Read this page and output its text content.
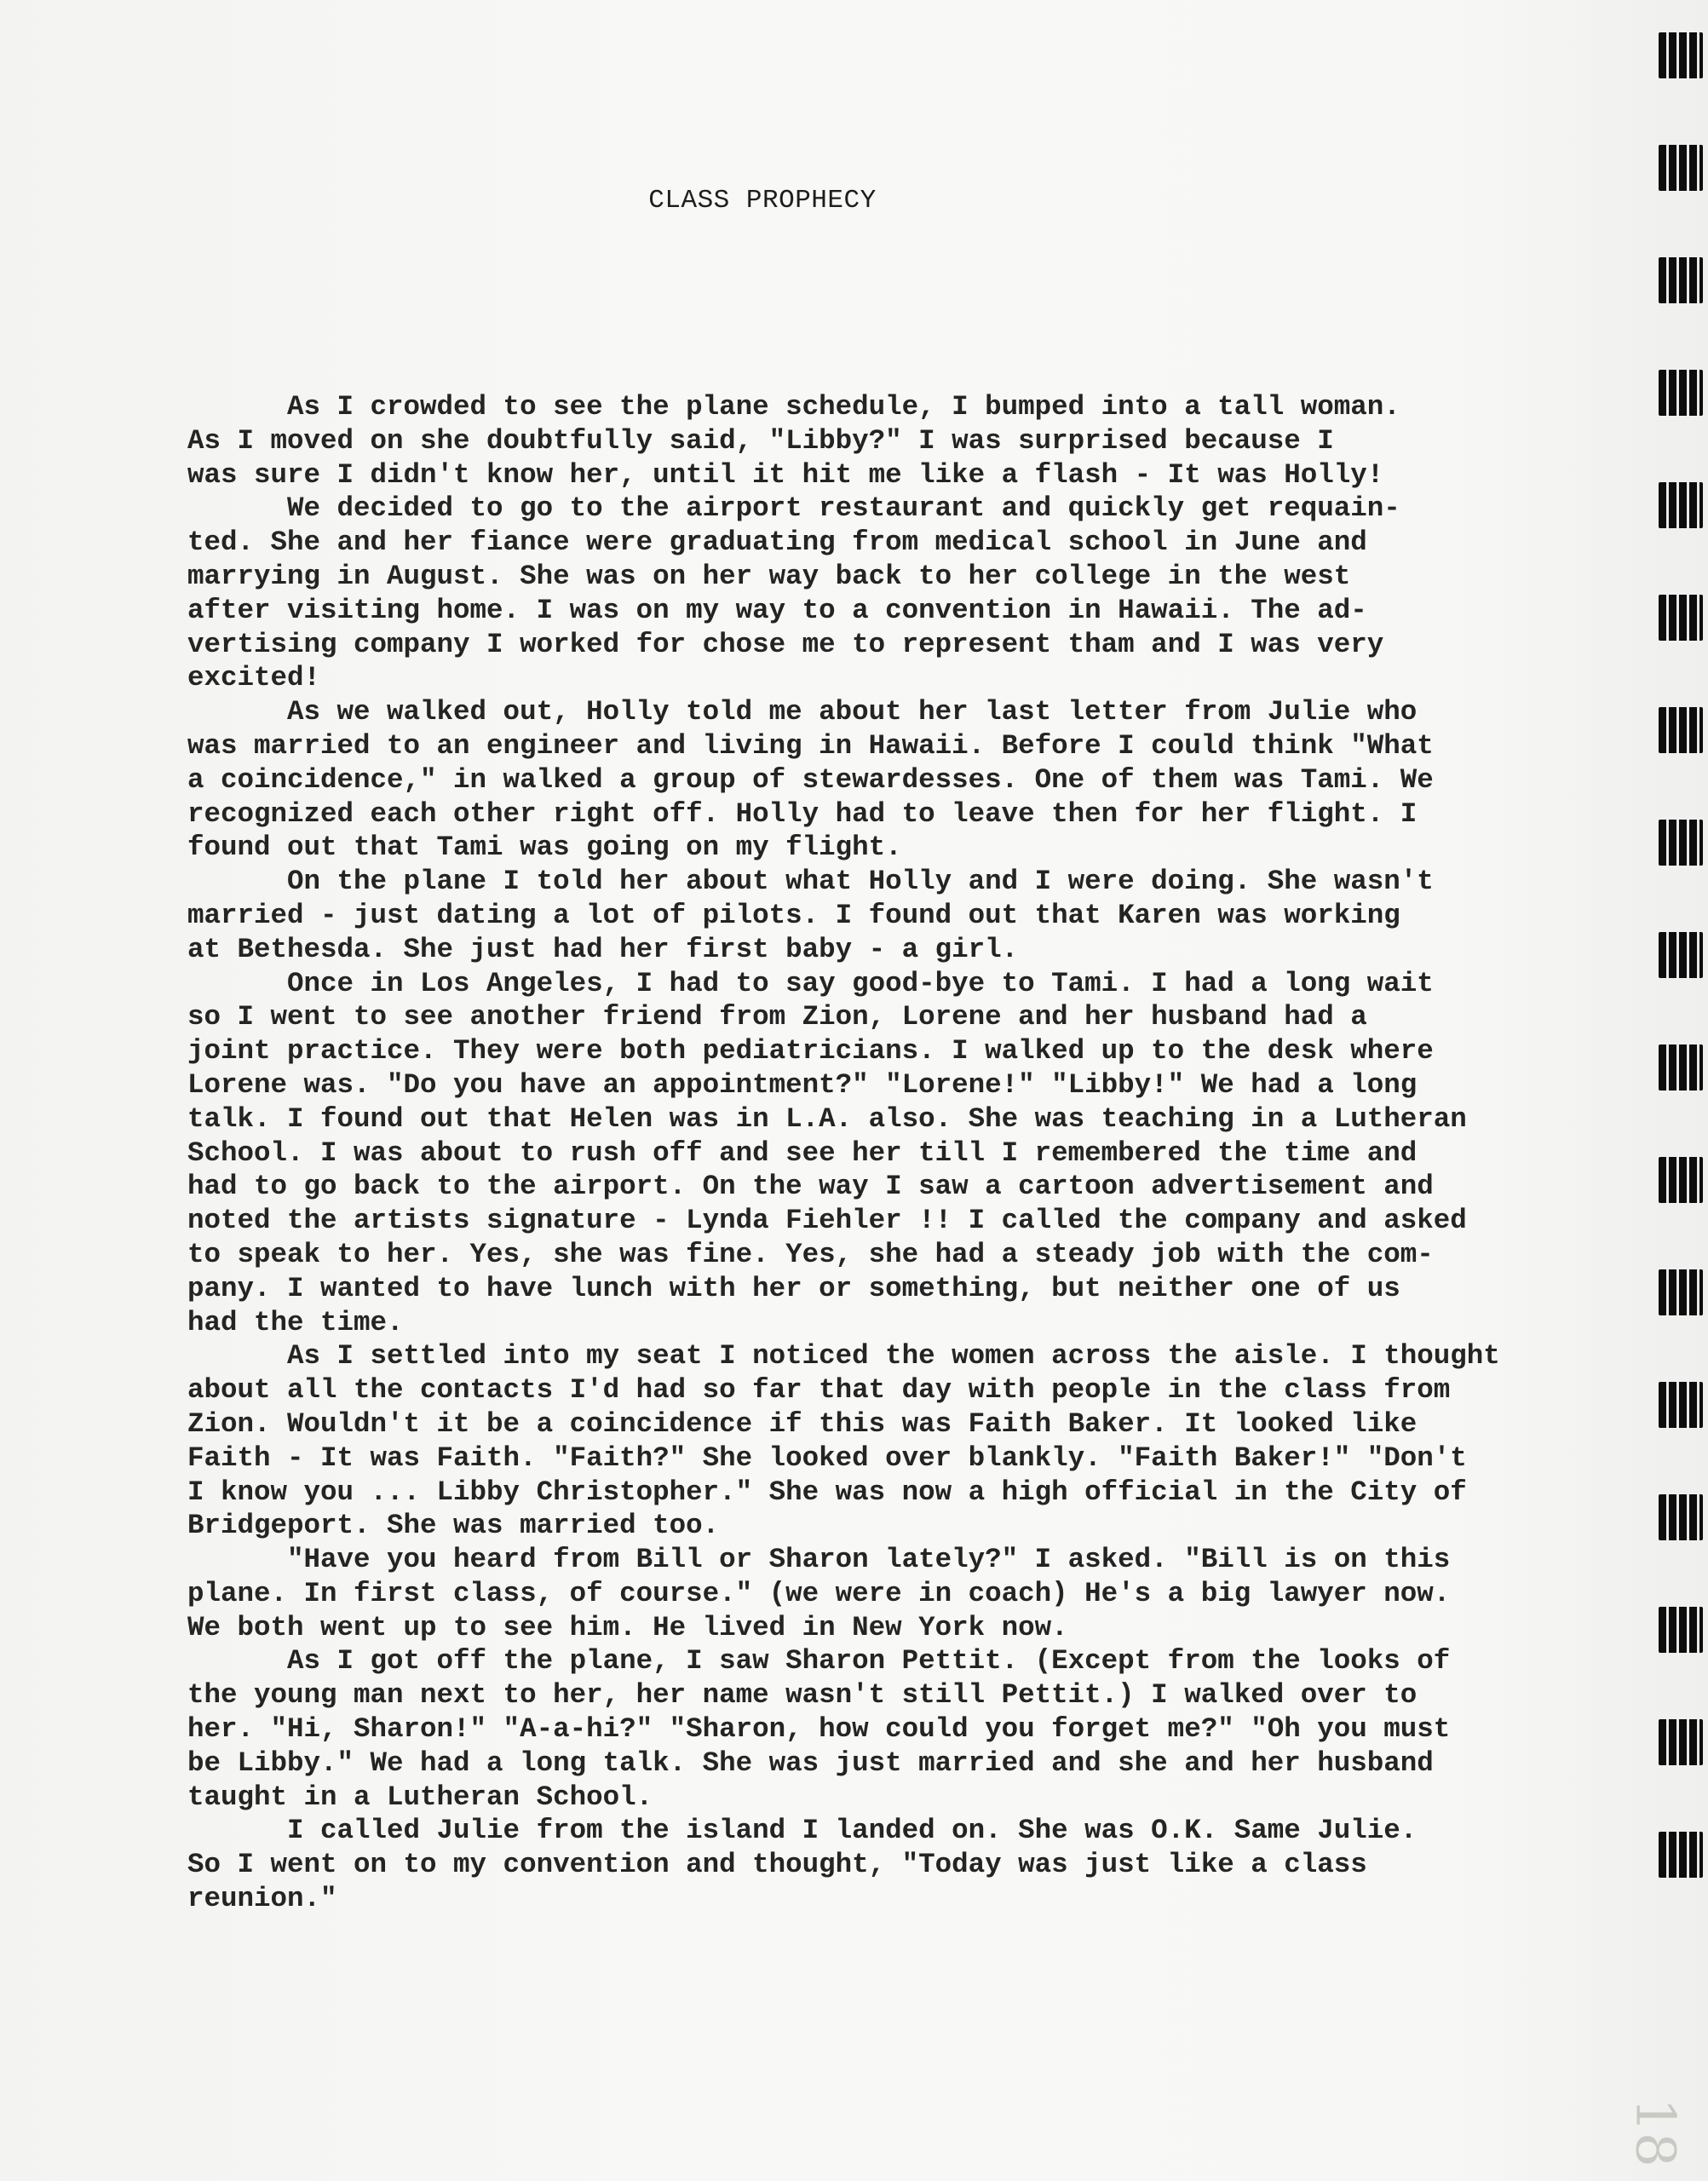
CLASS PROPHECY
As I crowded to see the plane schedule, I bumped into a tall woman.
As I moved on she doubtfully said, "Libby?" I was surprised because I
was sure I didn't know her, until it hit me like a flash - It was Holly!
We decided to go to the airport restaurant and quickly get requain-
ted. She and her fiance were graduating from medical school in June and
marrying in August. She was on her way back to her college in the west
after visiting home. I was on my way to a convention in Hawaii. The ad-
vertising company I worked for chose me to represent tham and I was very
excited!
As we walked out, Holly told me about her last letter from Julie who
was married to an engineer and living in Hawaii. Before I could think "What
a coincidence," in walked a group of stewardesses. One of them was Tami. We
recognized each other right off. Holly had to leave then for her flight. I
found out that Tami was going on my flight.
On the plane I told her about what Holly and I were doing. She wasn't
married - just dating a lot of pilots. I found out that Karen was working
at Bethesda. She just had her first baby - a girl.
Once in Los Angeles, I had to say good-bye to Tami. I had a long wait
so I went to see another friend from Zion, Lorene and her husband had a
joint practice. They were both pediatricians. I walked up to the desk where
Lorene was. "Do you have an appointment?" "Lorene!" "Libby!" We had a long
talk. I found out that Helen was in L.A. also. She was teaching in a Lutheran
School. I was about to rush off and see her till I remembered the time and
had to go back to the airport. On the way I saw a cartoon advertisement and
noted the artists signature - Lynda Fiehler !! I called the company and asked
to speak to her. Yes, she was fine. Yes, she had a steady job with the com-
pany. I wanted to have lunch with her or something, but neither one of us
had the time.
As I settled into my seat I noticed the women across the aisle. I thought
about all the contacts I'd had so far that day with people in the class from
Zion. Wouldn't it be a coincidence if this was Faith Baker. It looked like
Faith - It was Faith. "Faith?" She looked over blankly. "Faith Baker!" "Don't
I know you ... Libby Christopher." She was now a high official in the City of
Bridgeport. She was married too.
"Have you heard from Bill or Sharon lately?" I asked. "Bill is on this
plane. In first class, of course." (we were in coach) He's a big lawyer now.
We both went up to see him. He lived in New York now.
As I got off the plane, I saw Sharon Pettit. (Except from the looks of
the young man next to her, her name wasn't still Pettit.) I walked over to
her. "Hi, Sharon!" "A-a-hi?" "Sharon, how could you forget me?" "Oh you must
be Libby." We had a long talk. She was just married and she and her husband
taught in a Lutheran School.
I called Julie from the island I landed on. She was O.K. Same Julie.
So I went on to my convention and thought, "Today was just like a class
reunion."
18
